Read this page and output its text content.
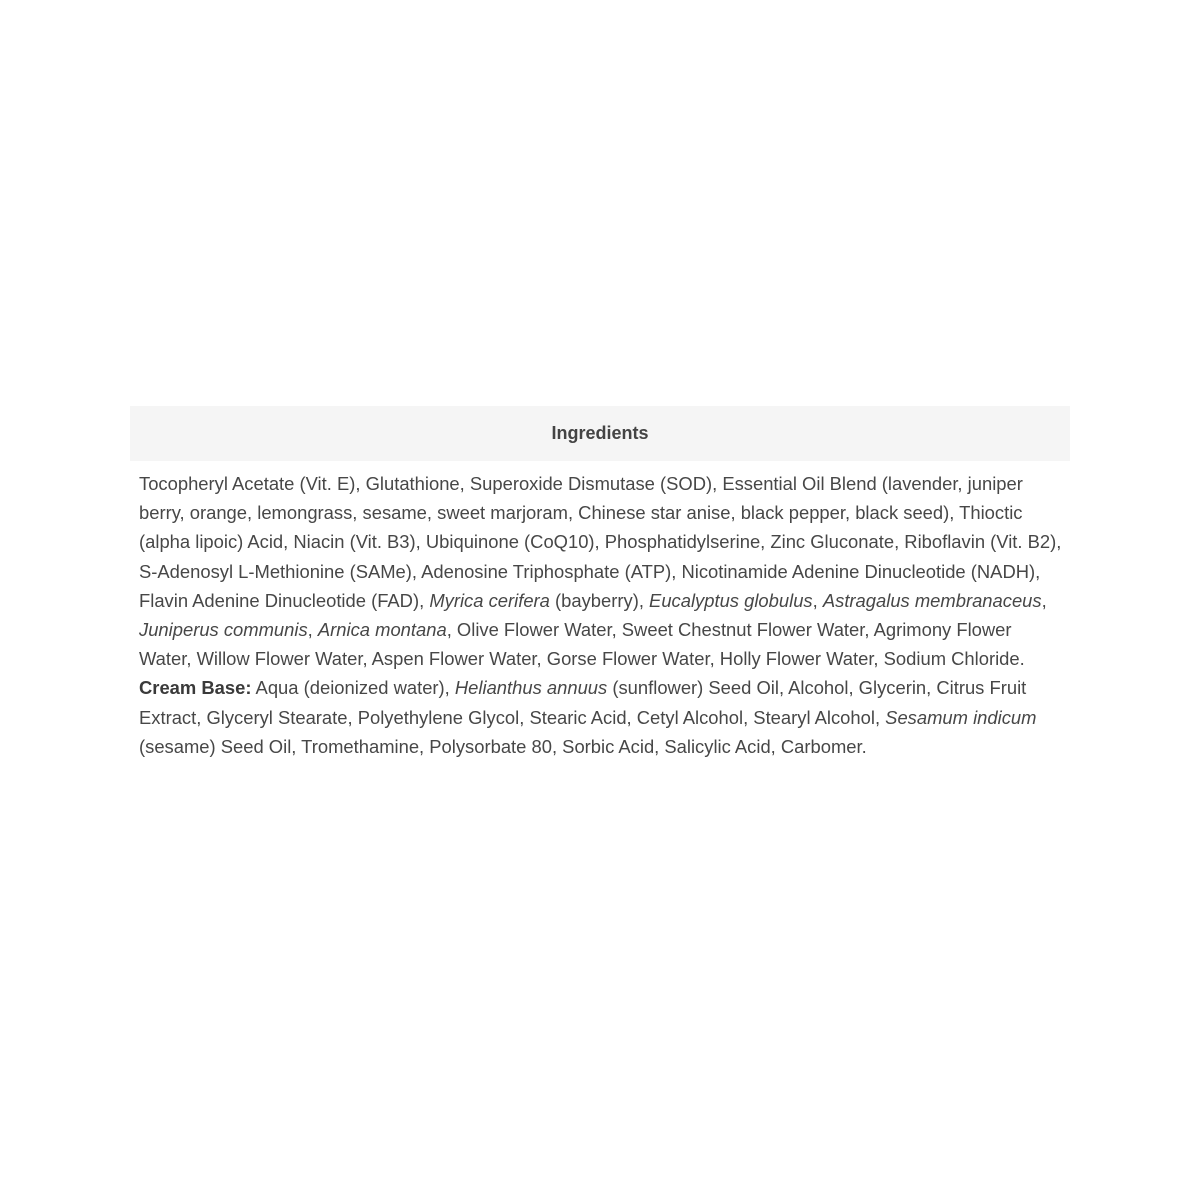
Ingredients
Tocopheryl Acetate (Vit. E), Glutathione, Superoxide Dismutase (SOD), Essential Oil Blend (lavender, juniper berry, orange, lemongrass, sesame, sweet marjoram, Chinese star anise, black pepper, black seed), Thioctic (alpha lipoic) Acid, Niacin (Vit. B3), Ubiquinone (CoQ10), Phosphatidylserine, Zinc Gluconate, Riboflavin (Vit. B2), S-Adenosyl L-Methionine (SAMe), Adenosine Triphosphate (ATP), Nicotinamide Adenine Dinucleotide (NADH), Flavin Adenine Dinucleotide (FAD), Myrica cerifera (bayberry), Eucalyptus globulus, Astragalus membranaceus, Juniperus communis, Arnica montana, Olive Flower Water, Sweet Chestnut Flower Water, Agrimony Flower Water, Willow Flower Water, Aspen Flower Water, Gorse Flower Water, Holly Flower Water, Sodium Chloride. Cream Base: Aqua (deionized water), Helianthus annuus (sunflower) Seed Oil, Alcohol, Glycerin, Citrus Fruit Extract, Glyceryl Stearate, Polyethylene Glycol, Stearic Acid, Cetyl Alcohol, Stearyl Alcohol, Sesamum indicum (sesame) Seed Oil, Tromethamine, Polysorbate 80, Sorbic Acid, Salicylic Acid, Carbomer.
